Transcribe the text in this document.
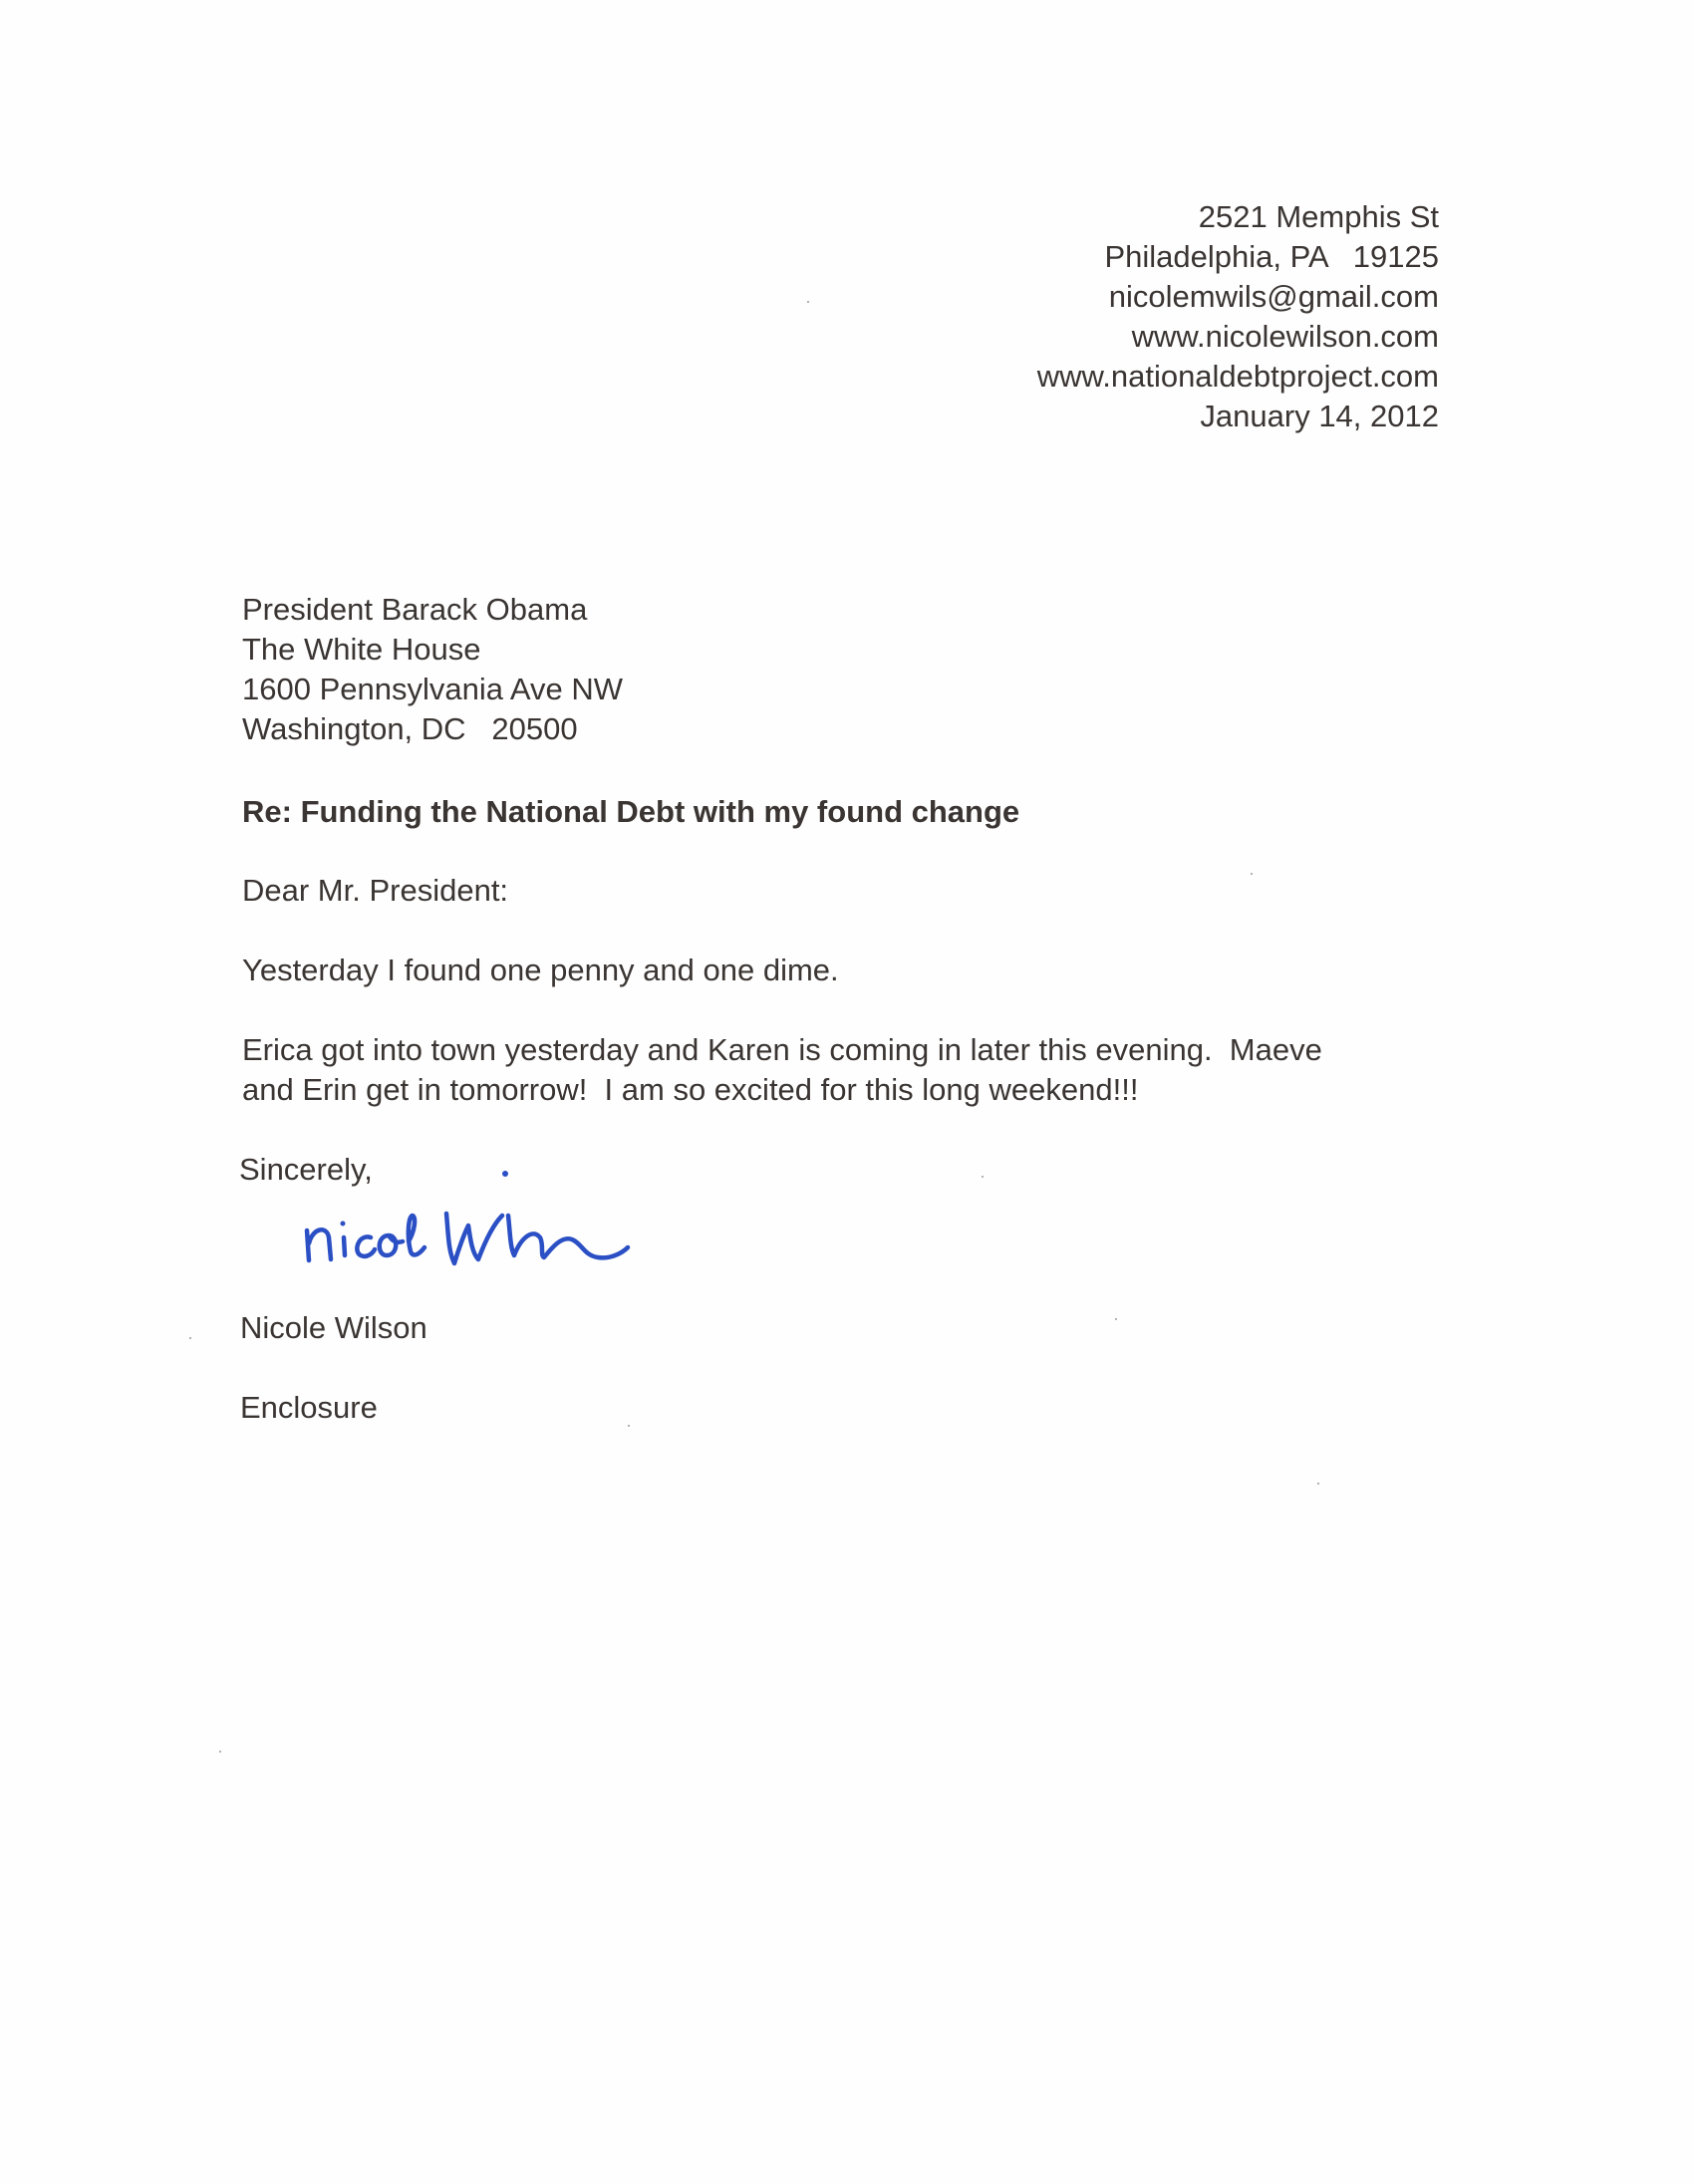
2521 Memphis St
Philadelphia, PA   19125
nicolemwils@gmail.com
www.nicolewilson.com
www.nationaldebtproject.com
January 14, 2012
President Barack Obama
The White House
1600 Pennsylvania Ave NW
Washington, DC   20500
Re: Funding the National Debt with my found change
Dear Mr. President:
Yesterday I found one penny and one dime.
Erica got into town yesterday and Karen is coming in later this evening.  Maeve
and Erin get in tomorrow!  I am so excited for this long weekend!!!
Sincerely,
Nicole Wilson
Enclosure
